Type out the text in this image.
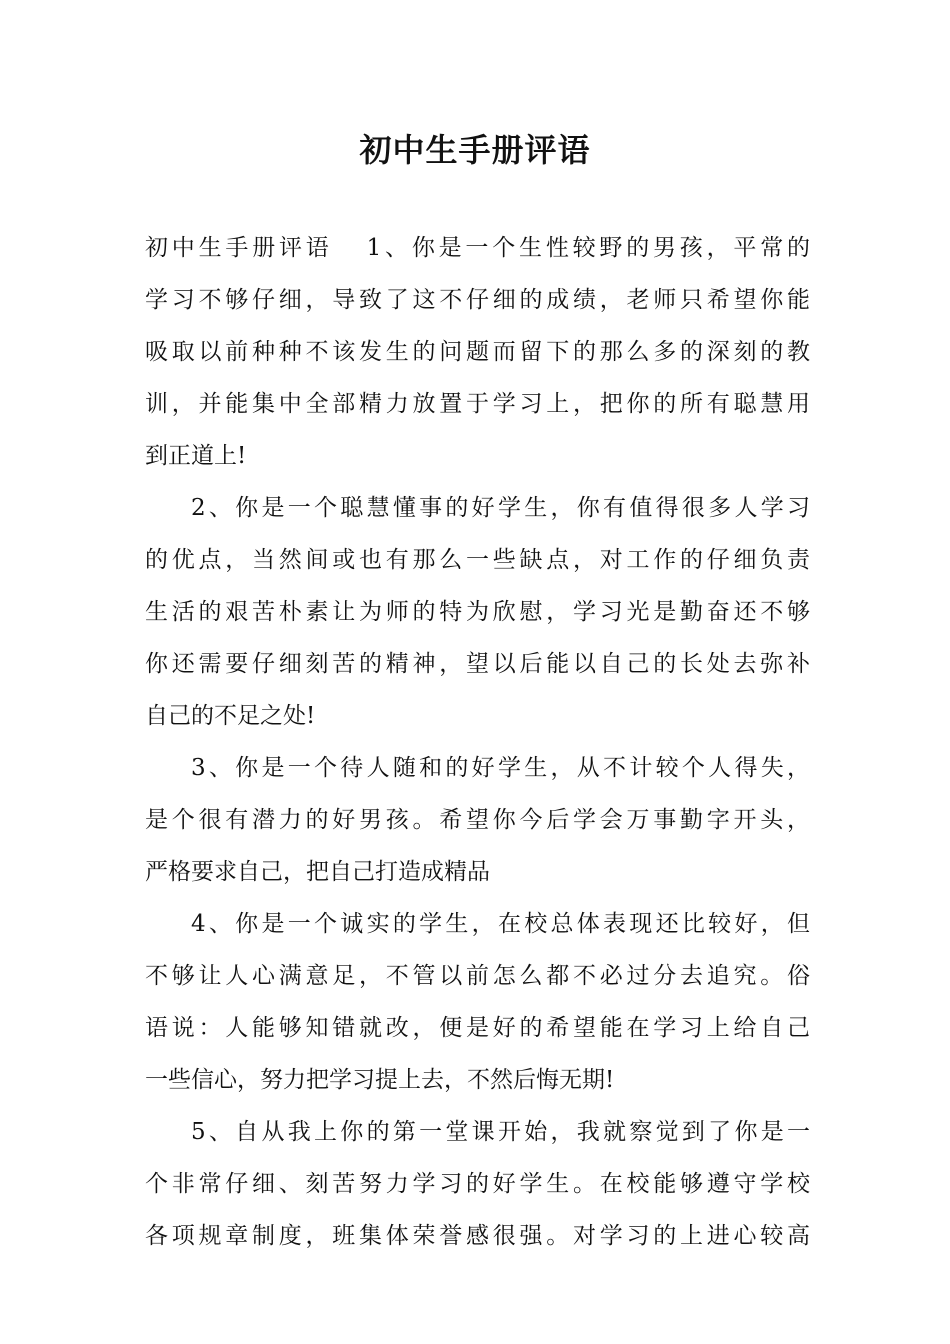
初中生手册评语
初中生手册评语 1、你是一个生性较野的男孩，平常的
学习不够仔细，导致了这不仔细的成绩，老师只希望你能
吸取以前种种不该发生的问题而留下的那么多的深刻的教
训，并能集中全部精力放置于学习上，把你的所有聪慧用
到正道上!
2、你是一个聪慧懂事的好学生，你有值得很多人学习
的优点，当然间或也有那么一些缺点，对工作的仔细负责
生活的艰苦朴素让为师的特为欣慰，学习光是勤奋还不够
你还需要仔细刻苦的精神，望以后能以自己的长处去弥补
自己的不足之处!
3、你是一个待人随和的好学生，从不计较个人得失，
是个很有潜力的好男孩。希望你今后学会万事勤字开头，
严格要求自己，把自己打造成精品
4、你是一个诚实的学生，在校总体表现还比较好，但
不够让人心满意足，不管以前怎么都不必过分去追究。俗
语说：人能够知错就改，便是好的希望能在学习上给自己
一些信心，努力把学习提上去，不然后悔无期!
5、自从我上你的第一堂课开始，我就察觉到了你是一
个非常仔细、刻苦努力学习的好学生。在校能够遵守学校
各项规章制度，班集体荣誉感很强。对学习的上进心较高
